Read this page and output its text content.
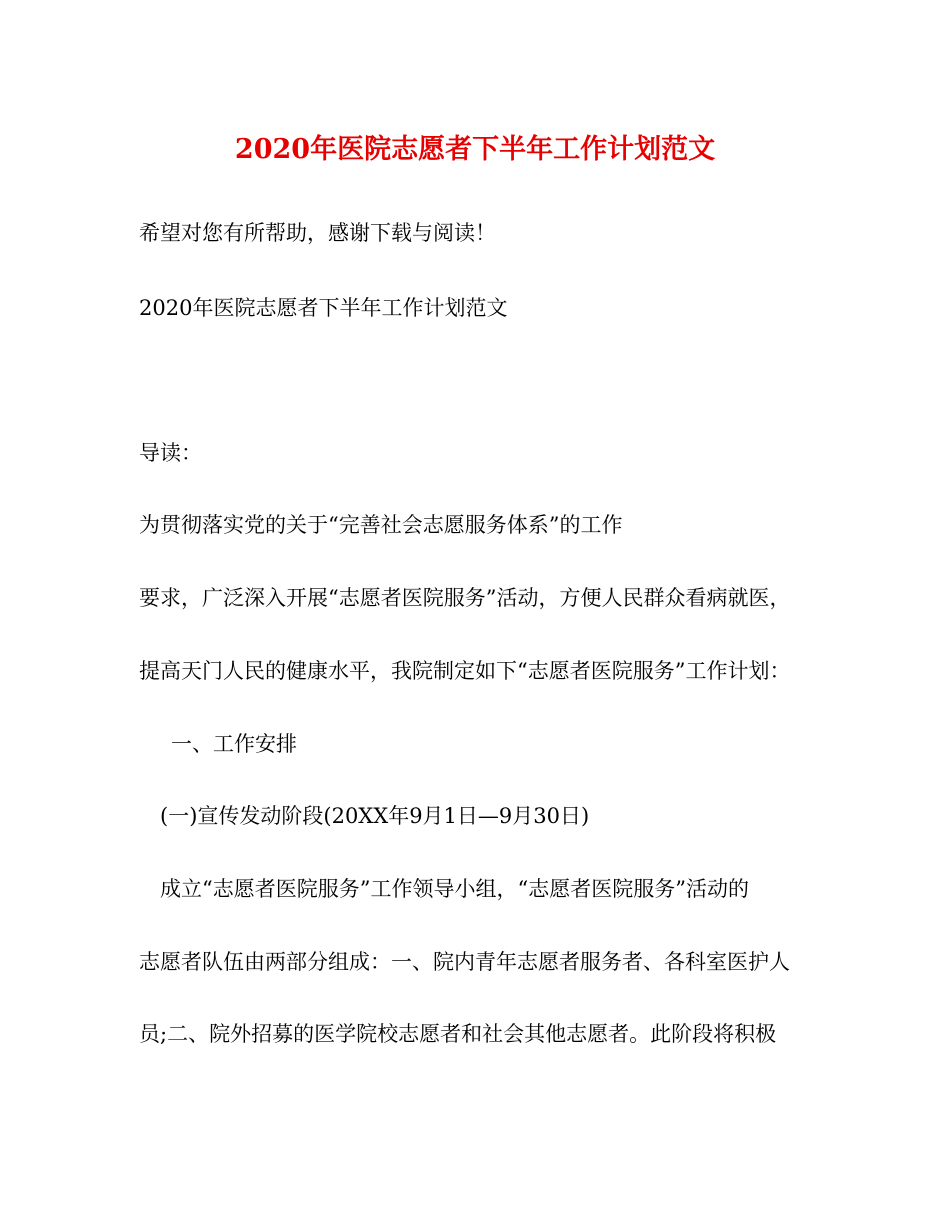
2020年医院志愿者下半年工作计划范文
希望对您有所帮助，感谢下载与阅读！
2020年医院志愿者下半年工作计划范文
导读：
为贯彻落实党的关于“完善社会志愿服务体系”的工作
要求，广泛深入开展“志愿者医院服务”活动，方便人民群众看病就医，
提高天门人民的健康水平，我院制定如下“志愿者医院服务”工作计划：
一、工作安排
(一)宣传发动阶段(20XX年9月1日—9月30日)
成立“志愿者医院服务”工作领导小组，“志愿者医院服务”活动的
志愿者队伍由两部分组成：一、院内青年志愿者服务者、各科室医护人
员;二、院外招募的医学院校志愿者和社会其他志愿者。此阶段将积极
